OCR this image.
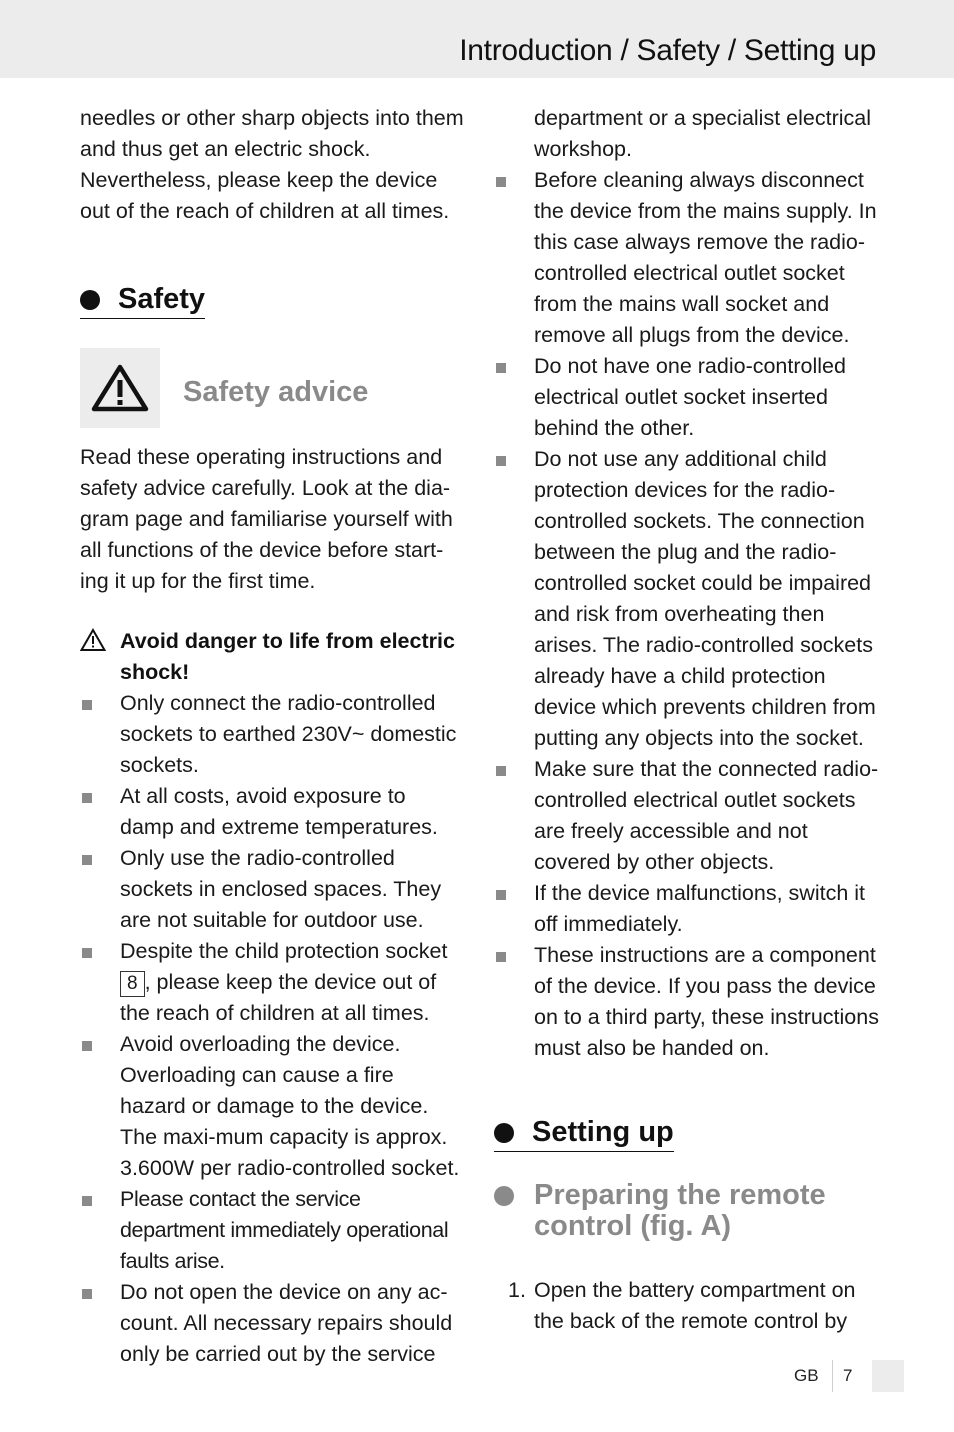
Introduction / Safety / Setting up
needles or other sharp objects into them and thus get an electric shock. Nevertheless, please keep the device out of the reach of children at all times.
Safety
Safety advice
Read these operating instructions and safety advice carefully. Look at the dia-gram page and familiarise yourself with all functions of the device before start-ing it up for the first time.
Avoid danger to life from electric shock!
Only connect the radio-controlled sockets to earthed 230V~ domestic sockets.
At all costs, avoid exposure to damp and extreme temperatures.
Only use the radio-controlled sockets in enclosed spaces. They are not suitable for outdoor use.
Despite the child protection socket 8 , please keep the device out of the reach of children at all times.
Avoid overloading the device. Overloading can cause a fire hazard or damage to the device. The maxi-mum capacity is approx. 3.600W per radio-controlled socket.
Please contact the service department immediately operational faults arise.
Do not open the device on any ac-count. All necessary repairs should only be carried out by the service
department or a specialist electrical workshop.
Before cleaning always disconnect the device from the mains supply. In this case always remove the radio-controlled electrical outlet socket from the mains wall socket and remove all plugs from the device.
Do not have one radio-controlled electrical outlet socket inserted behind the other.
Do not use any additional child protection devices for the radio-controlled sockets. The connection between the plug and the radio-controlled socket could be impaired and risk from overheating then arises. The radio-controlled sockets already have a child protection device which prevents children from putting any objects into the socket.
Make sure that the connected radio-controlled electrical outlet sockets are freely accessible and not covered by other objects.
If the device malfunctions, switch it off immediately.
These instructions are a component of the device. If you pass the device on to a third party, these instructions must also be handed on.
Setting up
Preparing the remote
control (fig. A)
1. Open the battery compartment on the back of the remote control by
GB 7
